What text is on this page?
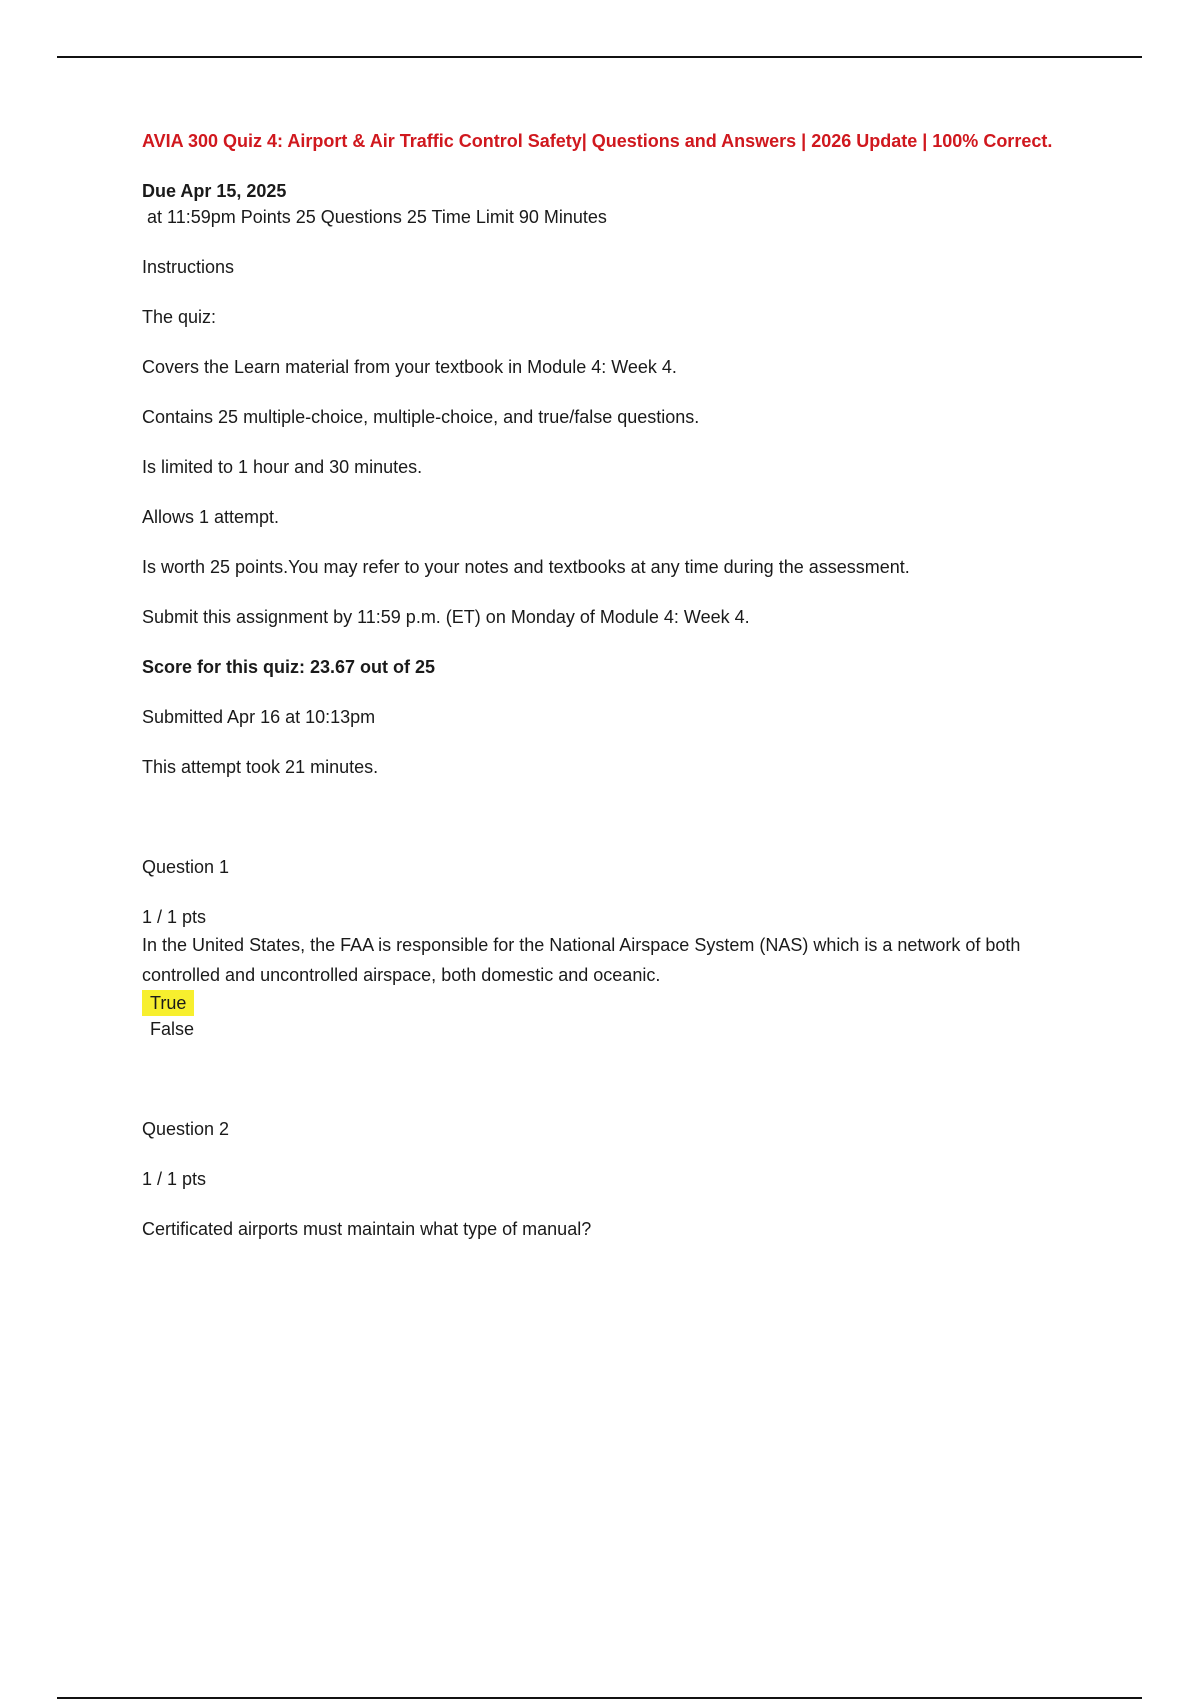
AVIA 300 Quiz 4: Airport & Air Traffic Control Safety| Questions and Answers | 2026 Update | 100% Correct.

Due Apr 15, 2025

at 11:59pm Points 25 Questions 25 Time Limit 90 Minutes

Instructions

The quiz:

Covers the Learn material from your textbook in Module 4: Week 4.

Contains 25 multiple-choice, multiple-choice, and true/false questions.

Is limited to 1 hour and 30 minutes.

Allows 1 attempt.

Is worth 25 points.You may refer to your notes and textbooks at any time during the assessment.

Submit this assignment by 11:59 p.m. (ET) on Monday of Module 4: Week 4.

Score for this quiz: 23.67 out of 25

Submitted Apr 16 at 10:13pm

This attempt took 21 minutes.

Question 1

1 / 1 pts

In the United States, the FAA is responsible for the National Airspace System (NAS) which is a network of both controlled and uncontrolled airspace, both domestic and oceanic.

True

False

Question 2

1 / 1 pts

Certificated airports must maintain what type of manual?
